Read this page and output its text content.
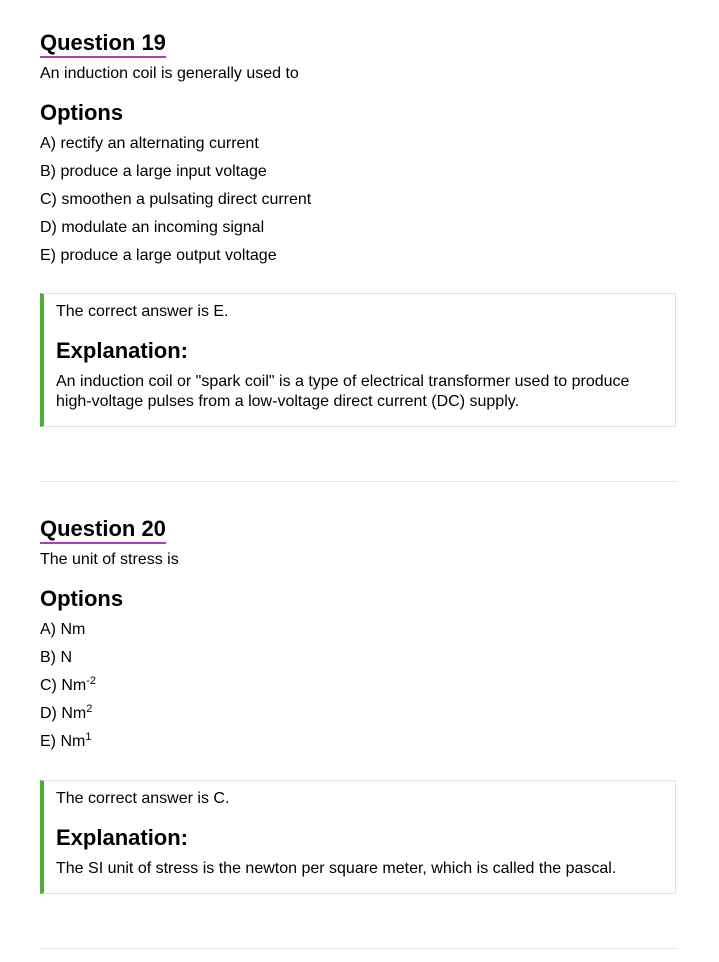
Question 19

An induction coil is generally used to

Options
A) rectify an alternating current
B) produce a large input voltage
C) smoothen a pulsating direct current
D) modulate an incoming signal
E) produce a large output voltage

The correct answer is E.

Explanation:

An induction coil or "spark coil" is a type of electrical transformer used to produce high-voltage pulses from a low-voltage direct current (DC) supply.

Question 20

The unit of stress is

Options
A) Nm
B) N
C) $Nm^{-2}$
D) Nm$^2$
E) Nm$^1$

The correct answer is C.

Explanation:

The SI unit of stress is the newton per square meter, which is called the pascal.
